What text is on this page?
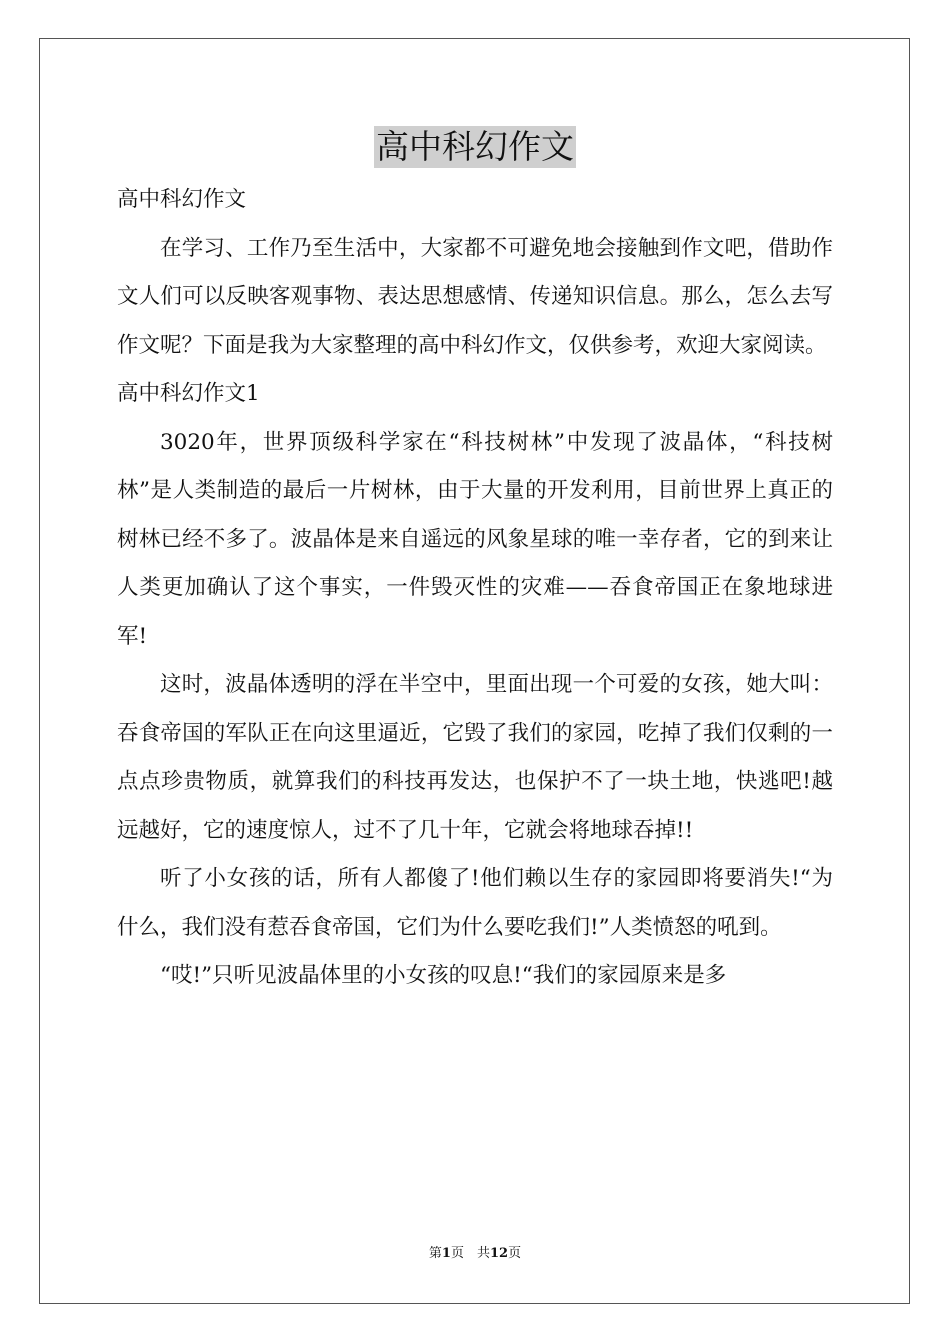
高中科幻作文

高中科幻作文

在学习、工作乃至生活中，大家都不可避免地会接触到作文吧，借助作文人们可以反映客观事物、表达思想感情、传递知识信息。那么，怎么去写作文呢？下面是我为大家整理的高中科幻作文，仅供参考，欢迎大家阅读。

高中科幻作文1

3020年，世界顶级科学家在“科技树林”中发现了波晶体，“科技树林”是人类制造的最后一片树林，由于大量的开发利用，目前世界上真正的树林已经不多了。波晶体是来自遥远的风象星球的唯一幸存者，它的到来让人类更加确认了这个事实，一件毁灭性的灾难——吞食帝国正在象地球进军!

这时，波晶体透明的浮在半空中，里面出现一个可爱的女孩，她大叫：吞食帝国的军队正在向这里逼近，它毁了我们的家园，吃掉了我们仅剩的一点点珍贵物质，就算我们的科技再发达，也保护不了一块土地，快逃吧!越远越好，它的速度惊人，过不了几十年，它就会将地球吞掉!!

听了小女孩的话，所有人都傻了!他们赖以生存的家园即将要消失!“为什么，我们没有惹吞食帝国，它们为什么要吃我们!”人类愤怒的吼到。

“哎!”只听见波晶体里的小女孩的叹息!“我们的家园原来是多

第1页　共12页
